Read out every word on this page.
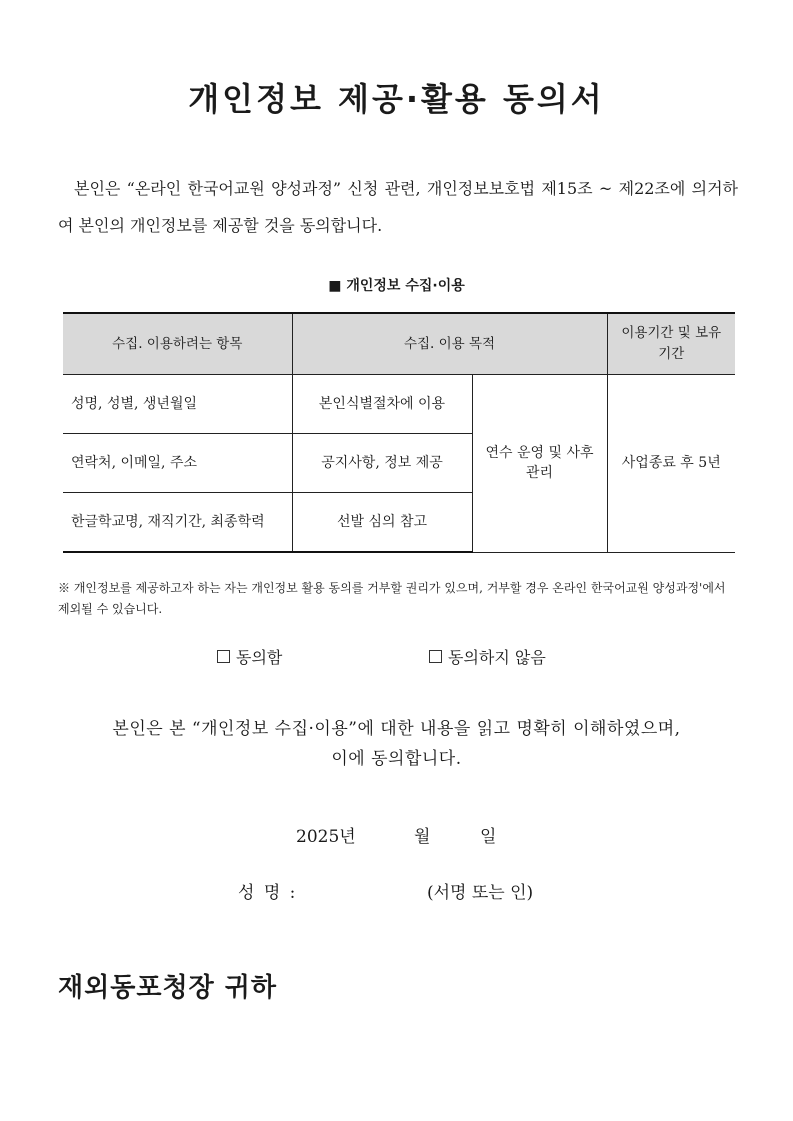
개인정보 제공·활용 동의서

본인은 “온라인 한국어교원 양성과정” 신청 관련, 개인정보보호법 제15조 ~ 제22조에 의거하여 본인의 개인정보를 제공할 것을 동의합니다.

■ 개인정보 수집·이용

수집. 이용하려는 항목	수집. 이용 목적		이용기간 및 보유기간
성명, 성별, 생년월일	본인식별절차에 이용	연수 운영 및 사후관리	사업종료 후 5년
연락처, 이메일, 주소	공지사항, 정보 제공		
한글학교명, 재직기간, 최종학력	선발 심의 참고		

※ 개인정보를 제공하고자 하는 자는 개인정보 활용 동의를 거부할 권리가 있으며, 거부할 경우 온라인 한국어교원 양성과정'에서 제외될 수 있습니다.

동의함	동의하지 않음
본인은 본 “개인정보 수집·이용”에 대한 내용을 읽고 명확히 이해하였으며,
이에 동의합니다.
2025년	월	일
성 명 :	(서명 또는 인)

재외동포청장 귀하
